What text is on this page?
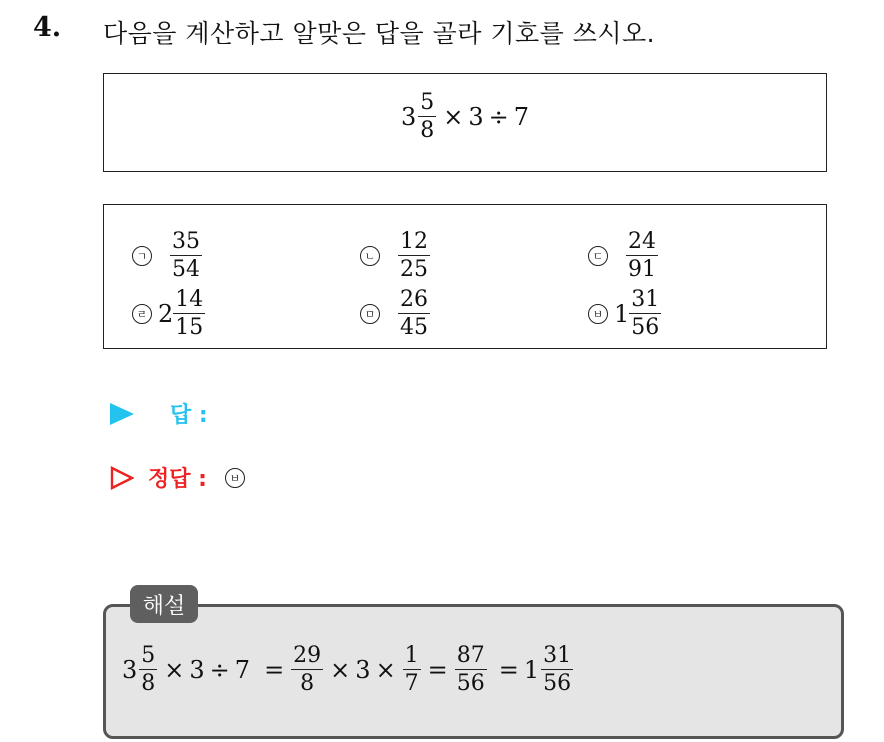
4. 다음을 계산하고 알맞은 답을 골라 기호를 쓰시오.
$3 \frac{5}{8} \times 3 \div 7$
ㄱ $\frac{35}{54}$	ㄴ $\frac{12}{25}$	ㄷ $\frac{24}{91}$
ㄹ $2 \frac{14}{15}$	ㅁ $\frac{26}{45}$	ㅂ $1 \frac{31}{56}$
답 :
정답 :	ㅂ
해설
$3 \frac{5}{8} \times 3 \div 7 = \frac{29}{8} \times 3 \times \frac{1}{7} = \frac{87}{56} = 1 \frac{31}{56}$
